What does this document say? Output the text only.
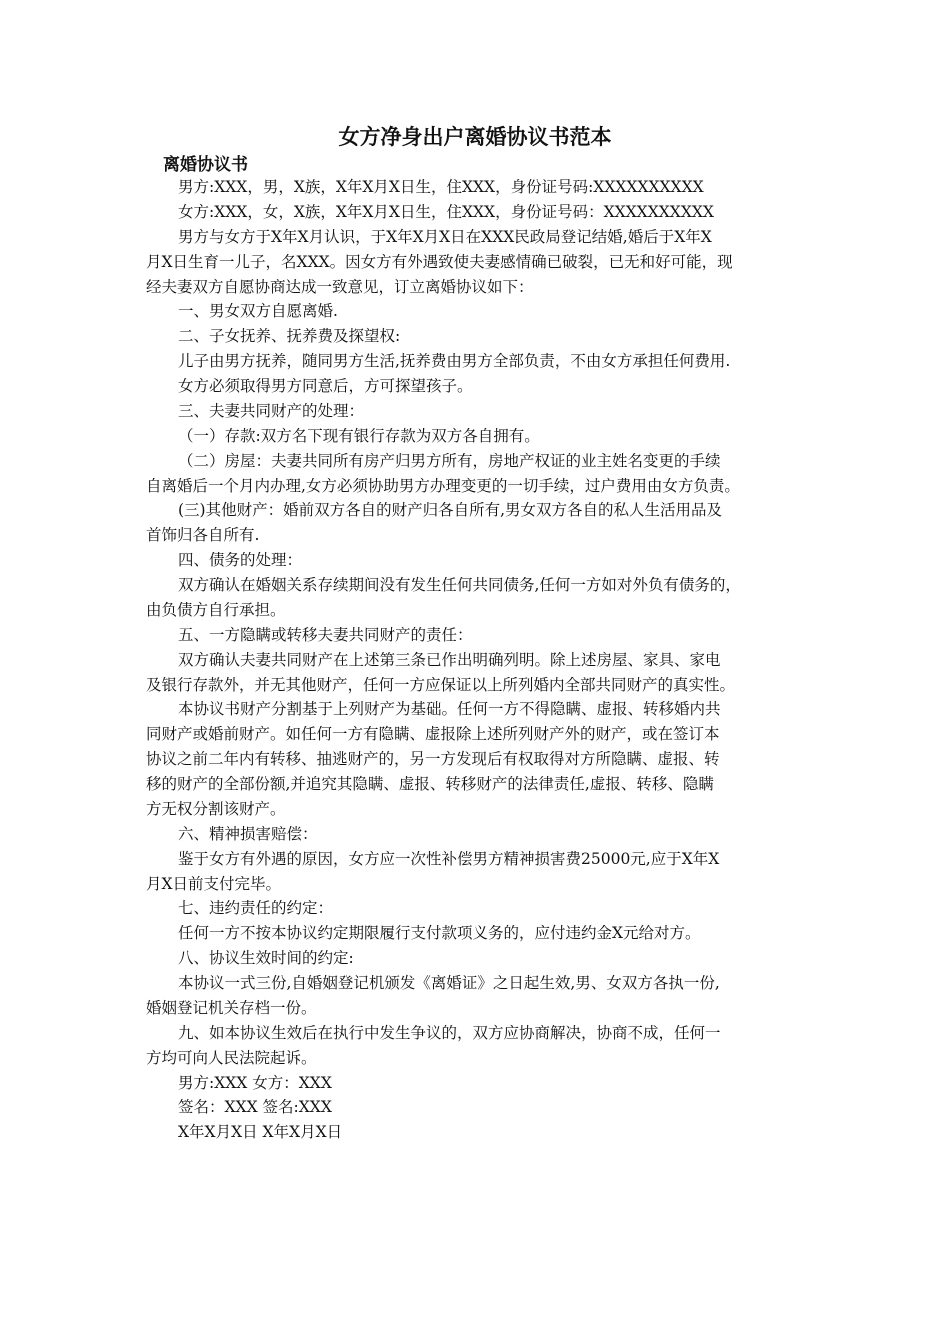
女方净身出户离婚协议书范本
离婚协议书
男方:XXX，男，X族，X年X月X日生，住XXX，身份证号码:XXXXXXXXXX
女方:XXX，女，X族，X年X月X日生，住XXX，身份证号码：XXXXXXXXXX
男方与女方于X年X月认识，于X年X月X日在XXX民政局登记结婚,婚后于X年X
月X日生育一儿子，名XXX。因女方有外遇致使夫妻感情确已破裂，已无和好可能，现
经夫妻双方自愿协商达成一致意见，订立离婚协议如下：
一、男女双方自愿离婚.
二、子女抚养、抚养费及探望权:
儿子由男方抚养，随同男方生活,抚养费由男方全部负责，不由女方承担任何费用.
女方必须取得男方同意后，方可探望孩子。
三、夫妻共同财产的处理：
（一）存款:双方名下现有银行存款为双方各自拥有。
（二）房屋：夫妻共同所有房产归男方所有，房地产权证的业主姓名变更的手续
自离婚后一个月内办理,女方必须协助男方办理变更的一切手续，过户费用由女方负责。
(三)其他财产：婚前双方各自的财产归各自所有,男女双方各自的私人生活用品及
首饰归各自所有.
四、债务的处理：
双方确认在婚姻关系存续期间没有发生任何共同债务,任何一方如对外负有债务的，
由负债方自行承担。
五、一方隐瞒或转移夫妻共同财产的责任：
双方确认夫妻共同财产在上述第三条已作出明确列明。除上述房屋、家具、家电
及银行存款外，并无其他财产，任何一方应保证以上所列婚内全部共同财产的真实性。
本协议书财产分割基于上列财产为基础。任何一方不得隐瞒、虚报、转移婚内共
同财产或婚前财产。如任何一方有隐瞒、虚报除上述所列财产外的财产，或在签订本
协议之前二年内有转移、抽逃财产的，另一方发现后有权取得对方所隐瞒、虚报、转
移的财产的全部份额,并追究其隐瞒、虚报、转移财产的法律责任,虚报、转移、隐瞒
方无权分割该财产。
六、精神损害赔偿：
鉴于女方有外遇的原因，女方应一次性补偿男方精神损害费25000元,应于X年X
月X日前支付完毕。
七、违约责任的约定：
任何一方不按本协议约定期限履行支付款项义务的，应付违约金X元给对方。
八、协议生效时间的约定:
本协议一式三份,自婚姻登记机颁发《离婚证》之日起生效,男、女双方各执一份,
婚姻登记机关存档一份。
九、如本协议生效后在执行中发生争议的，双方应协商解决，协商不成，任何一
方均可向人民法院起诉。
男方:XXX 女方：XXX
签名：XXX 签名:XXX
X年X月X日 X年X月X日
